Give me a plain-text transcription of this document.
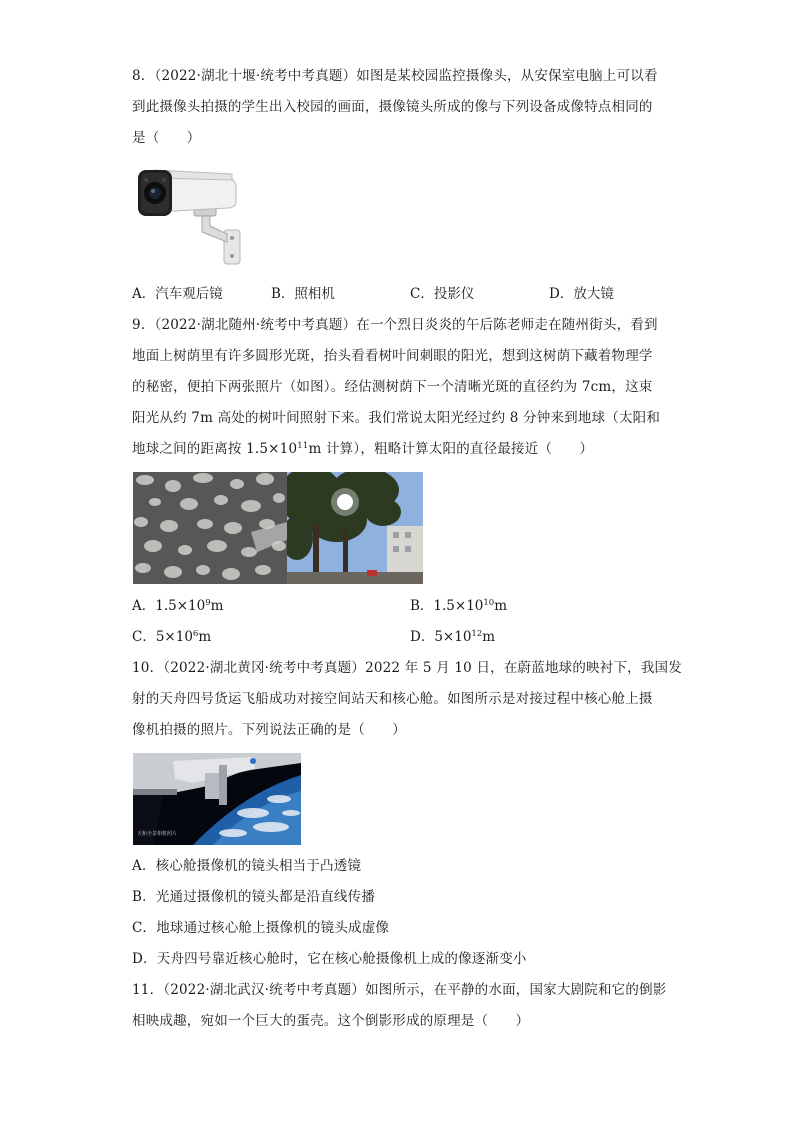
8．（2022·湖北十堰·统考中考真题）如图是某校园监控摄像头，从安保室电脑上可以看
到此摄像头拍摄的学生出入校园的画面，摄像镜头所成的像与下列设备成像特点相同的
是（　　）
A．汽车观后镜	B．照相机	C．投影仪	D．放大镜
9．（2022·湖北随州·统考中考真题）在一个烈日炎炎的午后陈老师走在随州街头，看到
地面上树荫里有许多圆形光斑，抬头看看树叶间刺眼的阳光，想到这树荫下藏着物理学
的秘密，便拍下两张照片（如图）。经估测树荫下一个清晰光斑的直径约为 7cm，这束
阳光从约 7m 高处的树叶间照射下来。我们常说太阳光经过约 8 分钟来到地球（太阳和
地球之间的距离按 $1.5\times 10^{11}m$ 计算），粗略计算太阳的直径最接近（　　）
A．$1.5\times 10^9m$	B．$1.5\times 10^{10}m$
C．$5\times 10^6m$	D．$5\times 10^{12}m$
10．（2022·湖北黄冈·统考中考真题）2022 年 5 月 10 日，在蔚蓝地球的映衬下，我国发
射的天舟四号货运飞船成功对接空间站天和核心舱。如图所示是对接过程中核心舱上摄
像机拍摄的照片。下列说法正确的是（　　）
天和全景相机照片
A．核心舱摄像机的镜头相当于凸透镜
B．光通过摄像机的镜头都是沿直线传播
C．地球通过核心舱上摄像机的镜头成虚像
D．天舟四号靠近核心舱时，它在核心舱摄像机上成的像逐渐变小
11．（2022·湖北武汉·统考中考真题）如图所示，在平静的水面，国家大剧院和它的倒影
相映成趣，宛如一个巨大的蛋壳。这个倒影形成的原理是（　　）
